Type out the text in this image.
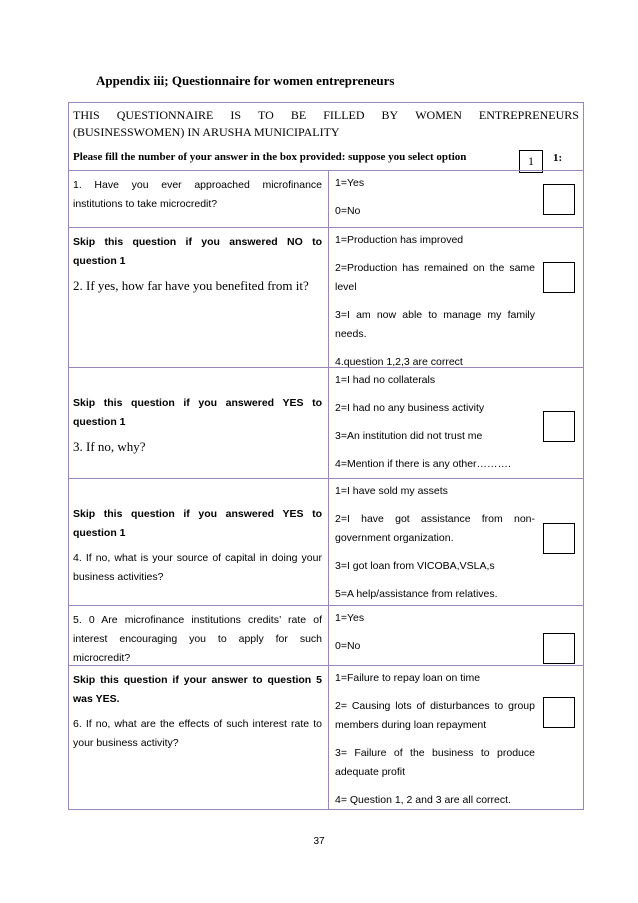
Appendix iii; Questionnaire for women entrepreneurs
THIS QUESTIONNAIRE IS TO BE FILLED BY WOMEN ENTREPRENEURS
(BUSINESSWOMEN) IN ARUSHA MUNICIPALITY
Please fill the number of your answer in the box provided: suppose you select option	1	1:

1. Have you ever approached microfinance institutions to take microcredit?

1=Yes

0=No

Skip this question if you answered NO to question 1

2. If yes, how far have you benefited from it?

1=Production has improved

2=Production has remained on the same level

3=I am now able to manage my family needs.

4.question 1,2,3 are correct

Skip this question if you answered YES to question 1

3. If no, why?

1=I had no collaterals

2=I had no any business activity

3=An institution did not trust me

4=Mention if there is any other……….

Skip this question if you answered YES to question 1

4. If no, what is your source of capital in doing your business activities?

1=I have sold my assets

2=I have got assistance from non-government organization.

3=I got loan from VICOBA,VSLA,s

5=A help/assistance from relatives.

5. 0 Are microfinance institutions credits’ rate of interest encouraging you to apply for such microcredit?

1=Yes

0=No

Skip this question if your answer to question 5 was YES.

6. If no, what are the effects of such interest rate to your business activity?

1=Failure to repay loan on time

2= Causing lots of disturbances to group members during loan repayment

3= Failure of the business to produce adequate profit

4= Question 1, 2 and 3 are all correct.

37
